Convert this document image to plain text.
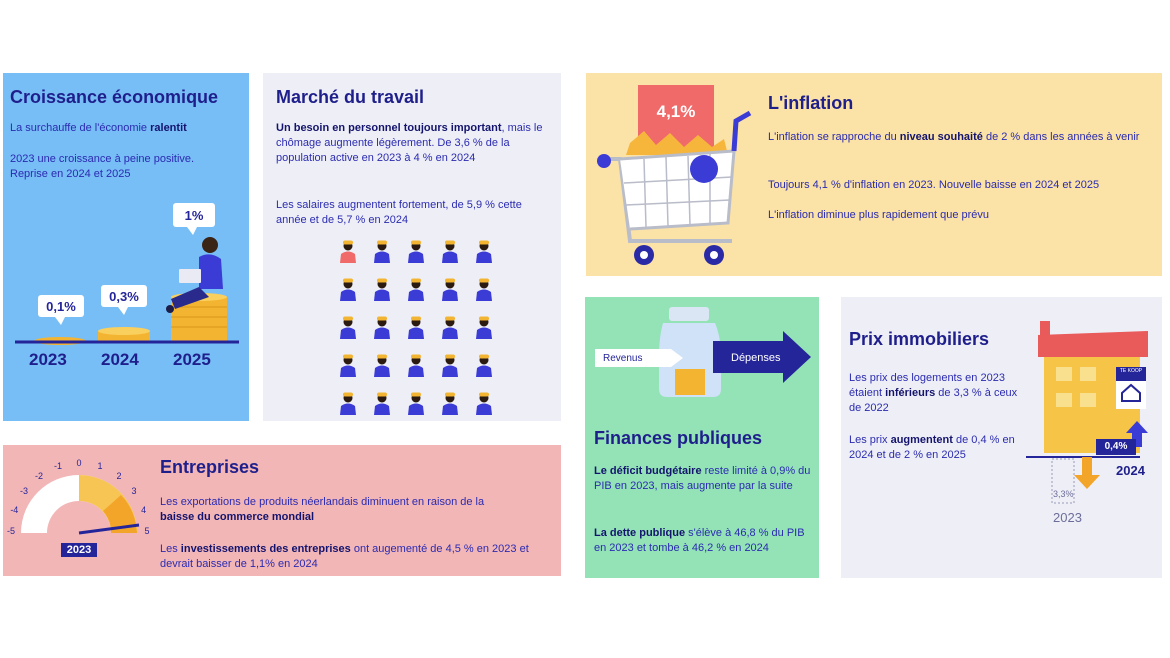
Croissance économique
La surchauffe de l'économie ralentit
2023 une croissance à peine positive. Reprise en 2024 et 2025
0,1%
0,3%
1%
2023 2024 2025
Marché du travail
Un besoin en personnel toujours important, mais le chômage augmente légèrement. De 3,6 % de la population active en 2023 à 4 % en 2024
Les salaires augmentent fortement, de 5,9 % cette année et de 5,7 % en 2024
4,1%	L'inflation
L'inflation se rapproche du niveau souhaité de 2 % dans les années à venir
Toujours 4,1 % d'inflation en 2023. Nouvelle baisse en 2024 et 2025
L'inflation diminue plus rapidement que prévu
-5
-4
-3
-2
-1	0	1
2
3
4
5
2023
Entreprises
Les exportations de produits néerlandais diminuent en raison de la baisse du commerce mondial
Les investissements des entreprises ont augementé de 4,5 % en 2023 et devrait baisser de 1,1% en 2024
Revenus	Dépenses
Finances publiques
Le déficit budgétaire reste limité à 0,9% du PIB en 2023, mais augmente par la suite
La dette publique s'élève à 46,8 % du PIB en 2023 et tombe à 46,2 % en 2024
Prix immobiliers
Les prix des logements en 2023 étaient inférieurs de 3,3 % à ceux de 2022
Les prix augmentent de 0,4 % en 2024 et de 2 % en 2025
TE KOOP
0,4%
2024
3,3%
2023
